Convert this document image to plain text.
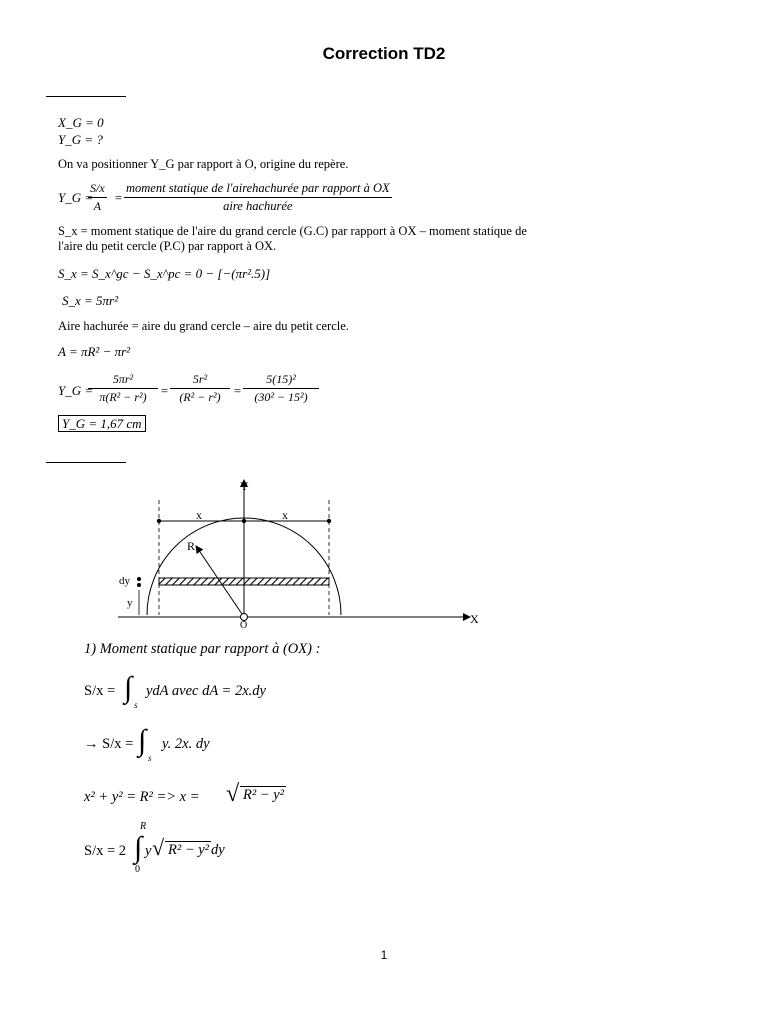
Correction TD2
X_G = 0
Y_G = ?
On va positionner Y_G par rapport à O, origine du repère.
Y_G =
$\frac{S/x}{A}$ =
moment statique de l'airehachurée par rapport à OX
aire hachurée
S_x = moment statique de l'aire du grand cercle (G.C) par rapport à OX – moment statique de
l'aire du petit cercle (P.C) par rapport à OX.
S_x = S_x^gc − S_x^pc = 0 − [−(πr².5)]
S_x = 5πr²
Aire hachurée = aire du grand cercle – aire du petit cercle.
A = πR² − πr²
Y_G =
$\frac{\text{5πr²}}{\text{π(R² − r²)}} = \frac{\text{5r²}}{\text{(R² − r²)}} = \frac{\text{5(15)²}}{\text{(30² − 15²)}}$
Y_G = 1,67 cm
Y
X
x	x
R
dy
y
O
1) Moment statique par rapport à (OX) :
S/x = ∫
s
ydA avec dA = 2x.dy
→ S/x = ∫
s
y. 2x. dy
x² + y² = R² => x = √ R² − y²
S/x = 2
R
∫
0
y √ R² − y² dy
1
